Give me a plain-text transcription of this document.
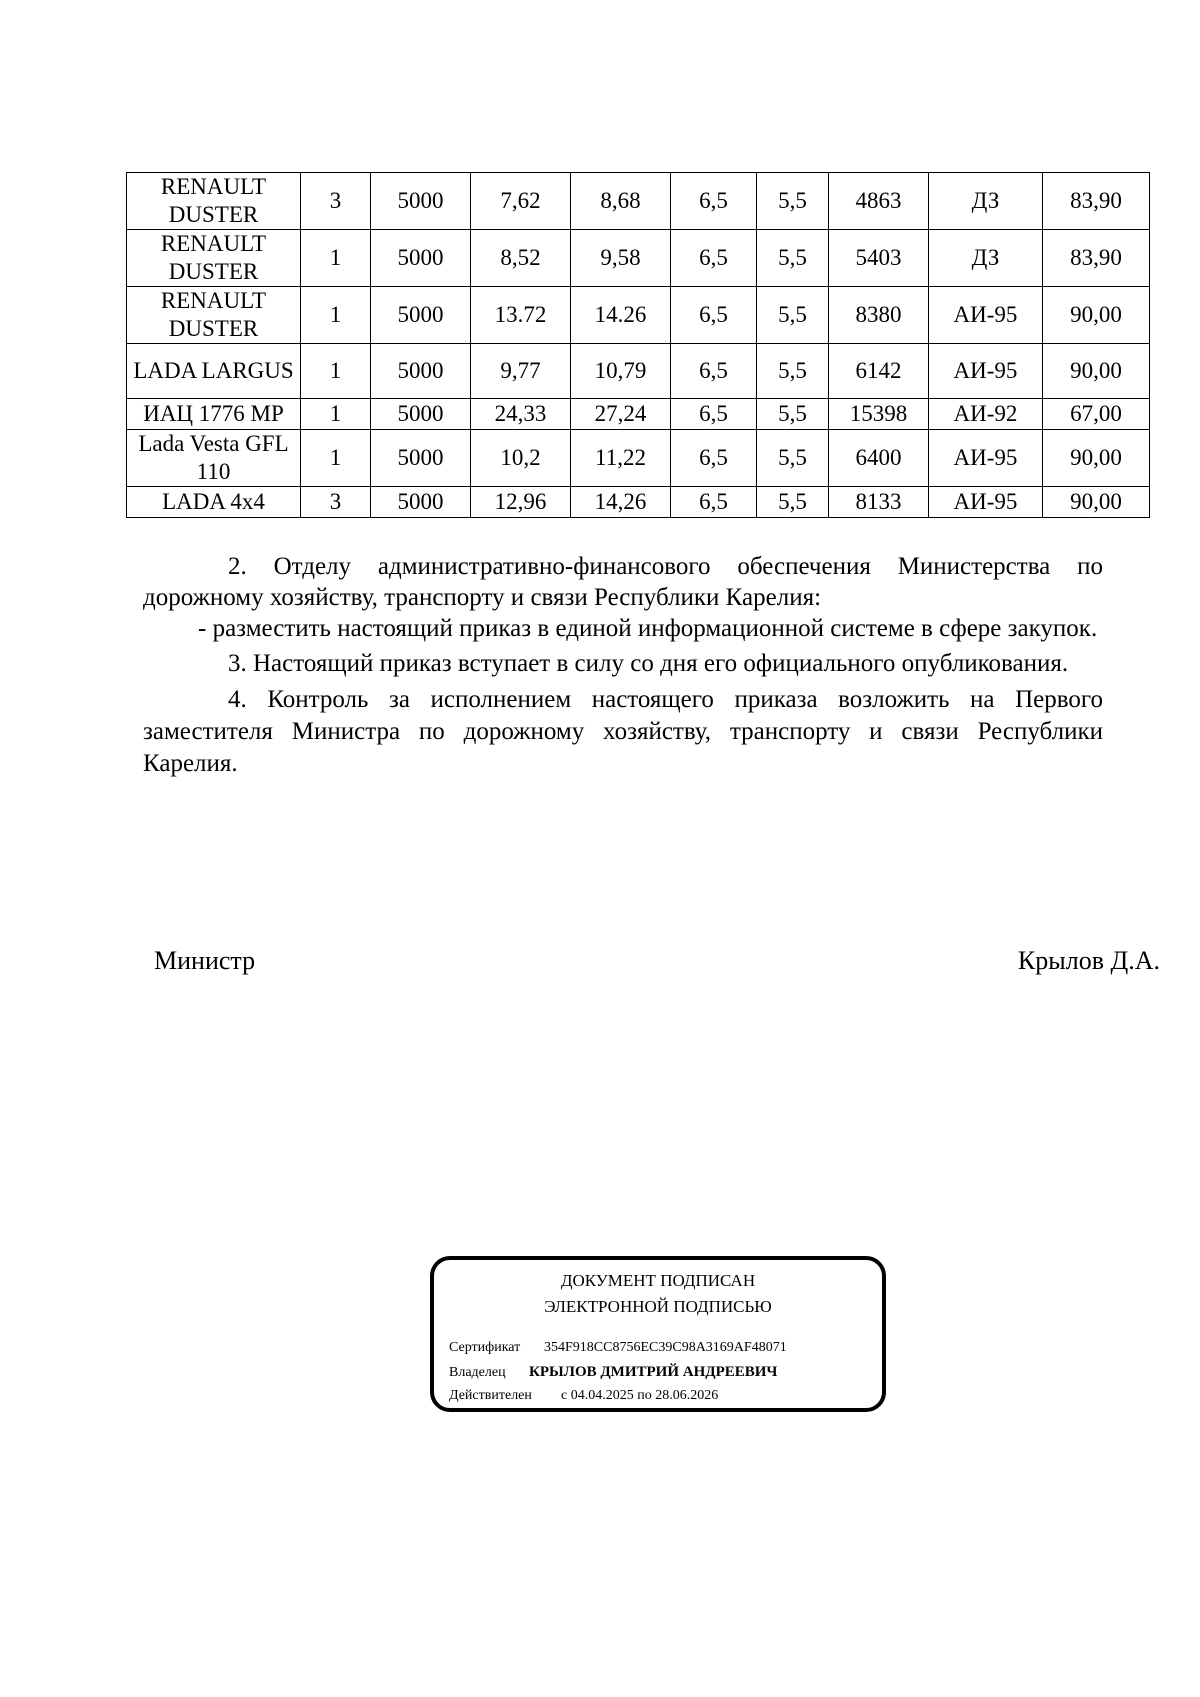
RENAULT DUSTER	3	5000	7,62	8,68	6,5	5,5	4863	ДЗ	83,90
RENAULT DUSTER	1	5000	8,52	9,58	6,5	5,5	5403	ДЗ	83,90
RENAULT DUSTER	1	5000	13.72	14.26	6,5	5,5	8380	АИ-95	90,00
LADA LARGUS	1	5000	9,77	10,79	6,5	5,5	6142	АИ-95	90,00
ИАЦ 1776 МР	1	5000	24,33	27,24	6,5	5,5	15398	АИ-92	67,00
Lada Vesta GFL 110	1	5000	10,2	11,22	6,5	5,5	6400	АИ-95	90,00
LADA 4x4	3	5000	12,96	14,26	6,5	5,5	8133	АИ-95	90,00

2. Отделу административно-финансового обеспечения Министерства по дорожному хозяйству, транспорту и связи Республики Карелия:

- разместить настоящий приказ в единой информационной системе в сфере закупок.

3. Настоящий приказ вступает в силу со дня его официального опубликования.

4. Контроль за исполнением настоящего приказа возложить на Первого заместителя Министра по дорожному хозяйству, транспорту и связи Республики Карелия.

Министр	Крылов Д.А.
ДОКУМЕНТ ПОДПИСАН
ЭЛЕКТРОННОЙ ПОДПИСЬЮ
Сертификат 354F918CC8756EC39C98A3169AF48071
Владелец КРЫЛОВ ДМИТРИЙ АНДРЕЕВИЧ
Действителен с 04.04.2025 по 28.06.2026
